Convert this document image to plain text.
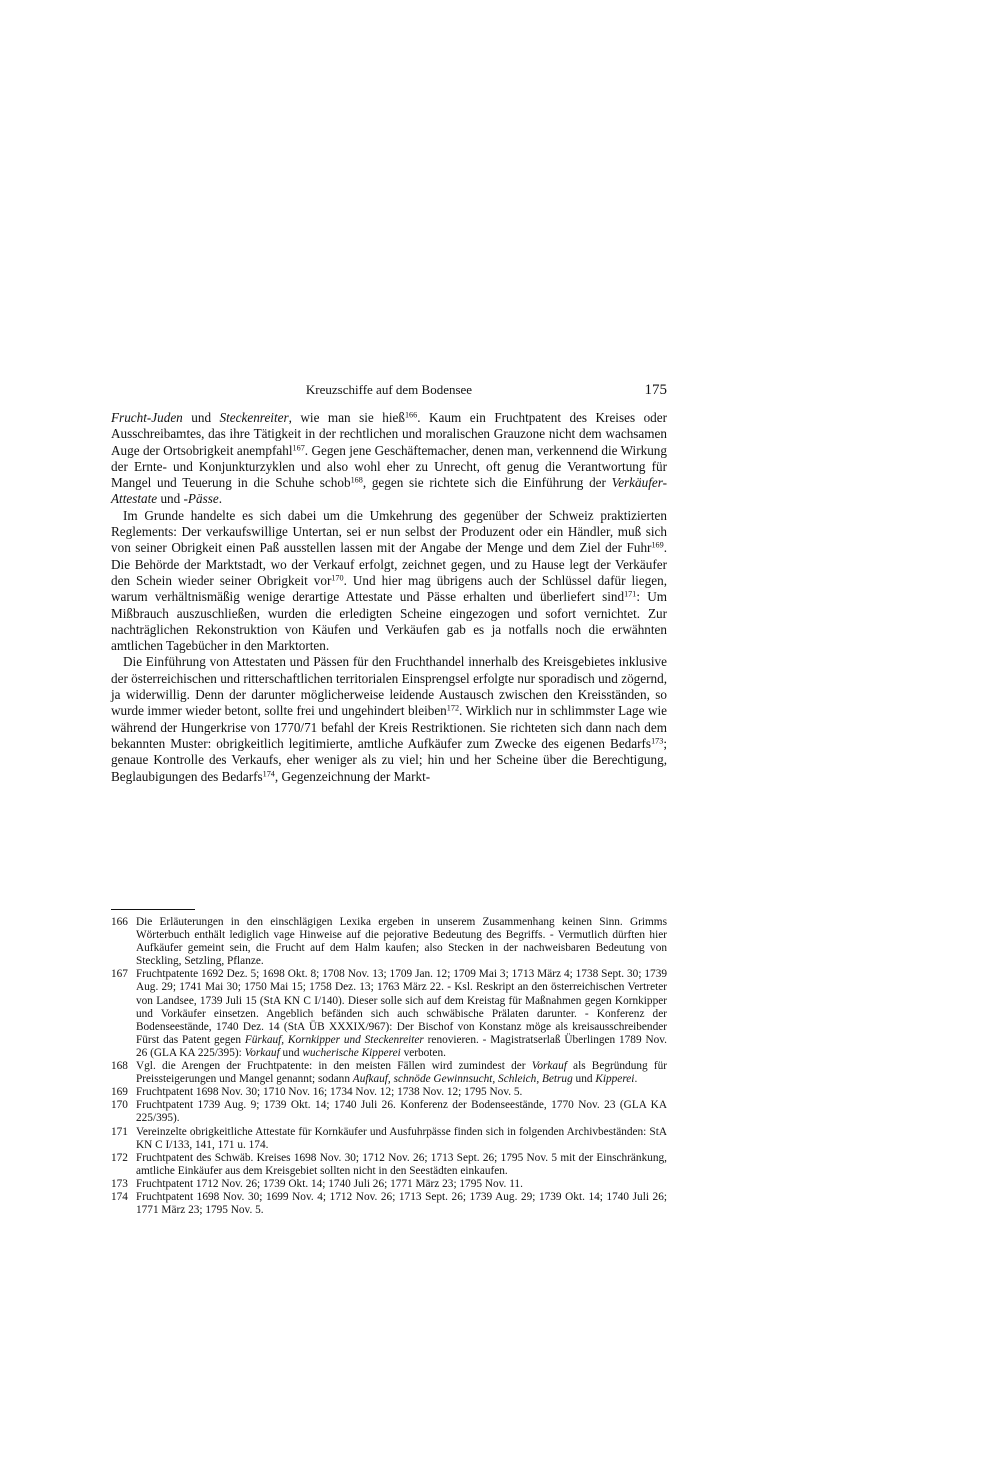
Kreuzschiffe auf dem Bodensee	175

Frucht-Juden und Steckenreiter, wie man sie hieß$^{166}$. Kaum ein Fruchtpatent des Kreises oder Ausschreibamtes, das ihre Tätigkeit in der rechtlichen und moralischen Grauzone nicht dem wachsamen Auge der Ortsobrigkeit anempfahl$^{167}$. Gegen jene Geschäftemacher, denen man, verkennend die Wirkung der Ernte- und Konjunkturzyklen und also wohl eher zu Unrecht, oft genug die Verantwortung für Mangel und Teuerung in die Schuhe schob$^{168}$, gegen sie richtete sich die Einführung der Verkäufer-Attestate und -Pässe.

Im Grunde handelte es sich dabei um die Umkehrung des gegenüber der Schweiz praktizierten Reglements: Der verkaufswillige Untertan, sei er nun selbst der Produzent oder ein Händler, muß sich von seiner Obrigkeit einen Paß ausstellen lassen mit der Angabe der Menge und dem Ziel der Fuhr$^{169}$. Die Behörde der Marktstadt, wo der Verkauf erfolgt, zeichnet gegen, und zu Hause legt der Verkäufer den Schein wieder seiner Obrigkeit vor$^{170}$. Und hier mag übrigens auch der Schlüssel dafür liegen, warum verhältnismäßig wenige derartige Attestate und Pässe erhalten und überliefert sind$^{171}$: Um Mißbrauch auszuschließen, wurden die erledigten Scheine eingezogen und sofort vernichtet. Zur nachträglichen Rekonstruktion von Käufen und Verkäufen gab es ja notfalls noch die erwähnten amtlichen Tagebücher in den Marktorten.

Die Einführung von Attestaten und Pässen für den Fruchthandel innerhalb des Kreisgebietes inklusive der österreichischen und ritterschaftlichen territorialen Einsprengsel erfolgte nur sporadisch und zögernd, ja widerwillig. Denn der darunter möglicherweise leidende Austausch zwischen den Kreisständen, so wurde immer wieder betont, sollte frei und ungehindert bleiben$^{172}$. Wirklich nur in schlimmster Lage wie während der Hungerkrise von 1770/71 befahl der Kreis Restriktionen. Sie richteten sich dann nach dem bekannten Muster: obrigkeitlich legitimierte, amtliche Aufkäufer zum Zwecke des eigenen Bedarfs$^{173}$; genaue Kontrolle des Verkaufs, eher weniger als zu viel; hin und her Scheine über die Berechtigung, Beglaubigungen des Bedarfs$^{174}$, Gegenzeichnung der Markt-

166 Die Erläuterungen in den einschlägigen Lexika ergeben in unserem Zusammenhang keinen Sinn. Grimms Wörterbuch enthält lediglich vage Hinweise auf die pejorative Bedeutung des Begriffs. - Vermutlich dürften hier Aufkäufer gemeint sein, die Frucht auf dem Halm kaufen; also Stecken in der nachweisbaren Bedeutung von Steckling, Setzling, Pflanze.
167 Fruchtpatente 1692 Dez. 5; 1698 Okt. 8; 1708 Nov. 13; 1709 Jan. 12; 1709 Mai 3; 1713 März 4; 1738 Sept. 30; 1739 Aug. 29; 1741 Mai 30; 1750 Mai 15; 1758 Dez. 13; 1763 März 22. - Ksl. Reskript an den österreichischen Vertreter von Landsee, 1739 Juli 15 (StA KN C I/140). Dieser solle sich auf dem Kreistag für Maßnahmen gegen Kornkipper und Vorkäufer einsetzen. Angeblich befänden sich auch schwäbische Prälaten darunter. - Konferenz der Bodenseestände, 1740 Dez. 14 (StA ÜB XXXIX/967): Der Bischof von Konstanz möge als kreisausschreibender Fürst das Patent gegen Fürkauf, Kornkipper und Steckenreiter renovieren. - Magistratserlaß Überlingen 1789 Nov. 26 (GLA KA 225/395): Vorkauf und wucherische Kipperei verboten.
168 Vgl. die Arengen der Fruchtpatente: in den meisten Fällen wird zumindest der Vorkauf als Begründung für Preissteigerungen und Mangel genannt; sodann Aufkauf, schnöde Gewinnsucht, Schleich, Betrug und Kipperei.
169 Fruchtpatent 1698 Nov. 30; 1710 Nov. 16; 1734 Nov. 12; 1738 Nov. 12; 1795 Nov. 5.
170 Fruchtpatent 1739 Aug. 9; 1739 Okt. 14; 1740 Juli 26. Konferenz der Bodenseestände, 1770 Nov. 23 (GLA KA 225/395).
171 Vereinzelte obrigkeitliche Attestate für Kornkäufer und Ausfuhrpässe finden sich in folgenden Archivbeständen: StA KN C I/133, 141, 171 u. 174.
172 Fruchtpatent des Schwäb. Kreises 1698 Nov. 30; 1712 Nov. 26; 1713 Sept. 26; 1795 Nov. 5 mit der Einschränkung, amtliche Einkäufer aus dem Kreisgebiet sollten nicht in den Seestädten einkaufen.
173 Fruchtpatent 1712 Nov. 26; 1739 Okt. 14; 1740 Juli 26; 1771 März 23; 1795 Nov. 11.
174 Fruchtpatent 1698 Nov. 30; 1699 Nov. 4; 1712 Nov. 26; 1713 Sept. 26; 1739 Aug. 29; 1739 Okt. 14; 1740 Juli 26; 1771 März 23; 1795 Nov. 5.
